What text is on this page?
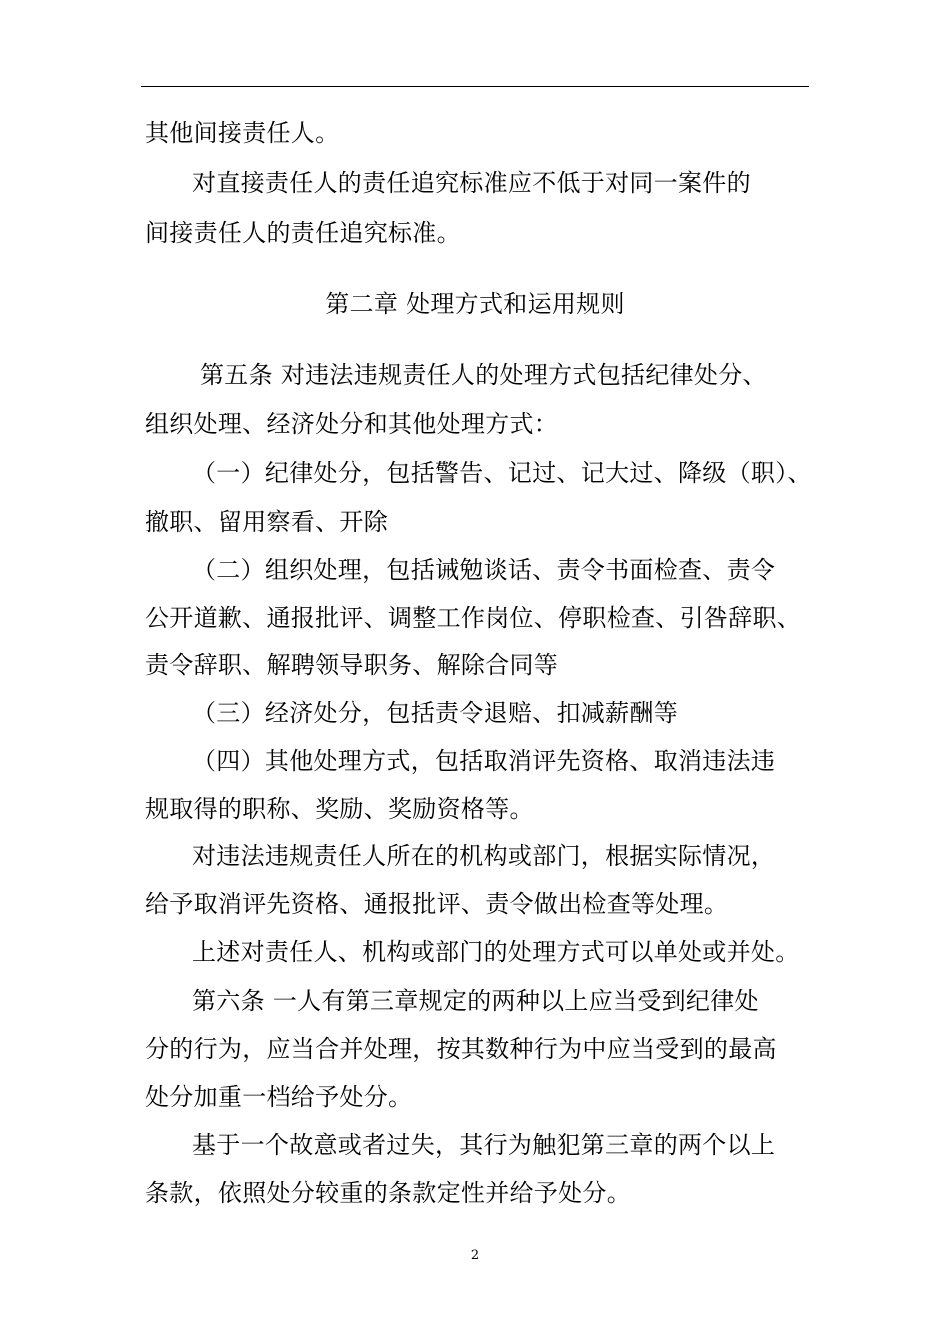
其他间接责任人。
对直接责任人的责任追究标准应不低于对同一案件的
间接责任人的责任追究标准。
第二章 处理方式和运用规则
第五条 对违法违规责任人的处理方式包括纪律处分、
组织处理、经济处分和其他处理方式：
（一）纪律处分，包括警告、记过、记大过、降级（职）、
撤职、留用察看、开除
（二）组织处理，包括诫勉谈话、责令书面检查、责令
公开道歉、通报批评、调整工作岗位、停职检查、引咎辞职、
责令辞职、解聘领导职务、解除合同等
（三）经济处分，包括责令退赔、扣减薪酬等
（四）其他处理方式，包括取消评先资格、取消违法违
规取得的职称、奖励、奖励资格等。
对违法违规责任人所在的机构或部门，根据实际情况，
给予取消评先资格、通报批评、责令做出检查等处理。
上述对责任人、机构或部门的处理方式可以单处或并处。
第六条 一人有第三章规定的两种以上应当受到纪律处
分的行为，应当合并处理，按其数种行为中应当受到的最高
处分加重一档给予处分。
基于一个故意或者过失，其行为触犯第三章的两个以上
条款，依照处分较重的条款定性并给予处分。
2
